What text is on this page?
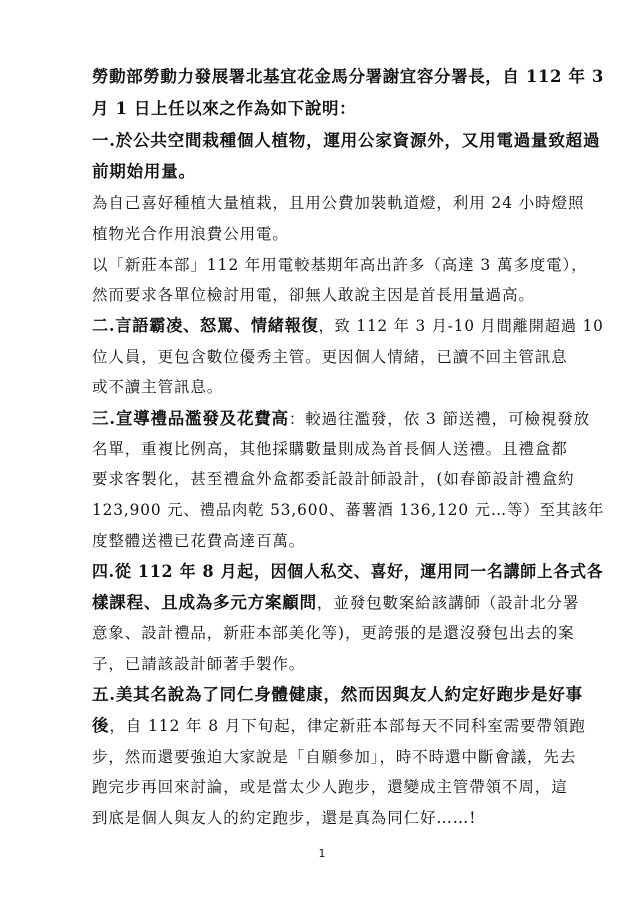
勞動部勞動力發展署北基宜花金馬分署謝宜容分署長，自 112 年 3
月 1 日上任以來之作為如下說明：
一.於公共空間栽種個人植物，運用公家資源外，又用電過量致超過
前期始用量。
為自己喜好種植大量植栽，且用公費加裝軌道燈，利用 24 小時燈照
植物光合作用浪費公用電。
以「新莊本部」112 年用電較基期年高出許多（高達 3 萬多度電），
然而要求各單位檢討用電，卻無人敢說主因是首長用量過高。
二.言語霸凌、怒罵、情緒報復，致 112 年 3 月-10 月間離開超過 10
位人員，更包含數位優秀主管。更因個人情緒，已讀不回主管訊息
或不讀主管訊息。
三.宣導禮品濫發及花費高：較過往濫發，依 3 節送禮，可檢視發放
名單，重複比例高，其他採購數量則成為首長個人送禮。且禮盒都
要求客製化，甚至禮盒外盒都委託設計師設計，(如春節設計禮盒約
123,900 元、禮品肉乾 53,600、蕃薯酒 136,120 元…等）至其該年
度整體送禮已花費高達百萬。
四.從 112 年 8 月起，因個人私交、喜好，運用同一名講師上各式各
樣課程、且成為多元方案顧問，並發包數案給該講師（設計北分署
意象、設計禮品，新莊本部美化等)，更誇張的是還沒發包出去的案
子，已請該設計師著手製作。
五.美其名說為了同仁身體健康，然而因與友人約定好跑步是好事
後，自 112 年 8 月下旬起，律定新莊本部每天不同科室需要帶領跑
步，然而還要強迫大家說是「自願參加」，時不時還中斷會議，先去
跑完步再回來討論，或是當太少人跑步，還變成主管帶領不周，這
到底是個人與友人的約定跑步，還是真為同仁好……!
1
